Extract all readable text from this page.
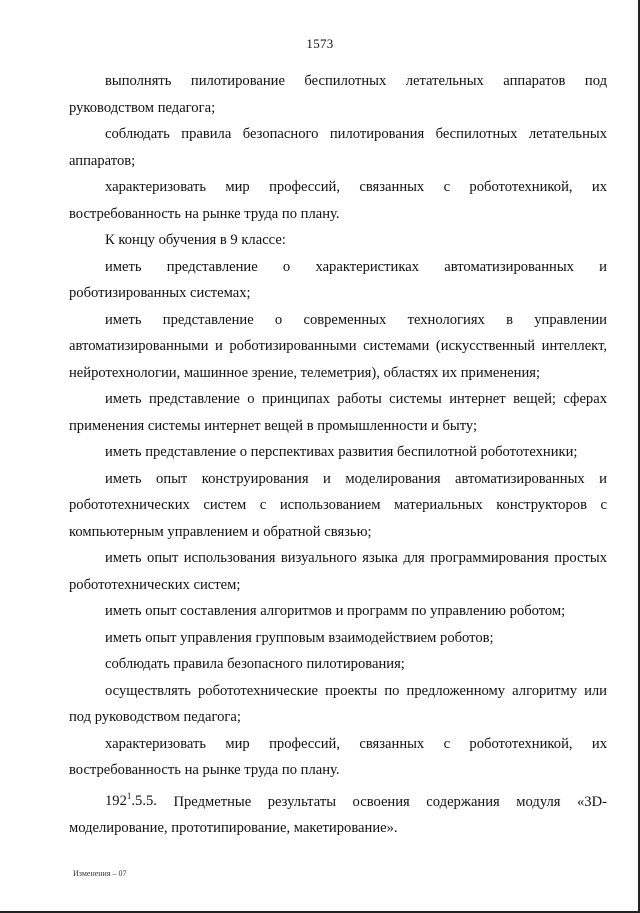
1573

выполнять пилотирование беспилотных летательных аппаратов под руководством педагога;

соблюдать правила безопасного пилотирования беспилотных летательных аппаратов;

характеризовать мир профессий, связанных с робототехникой, их востребованность на рынке труда по плану.

К концу обучения в 9 классе:

иметь представление о характеристиках автоматизированных и роботизированных системах;

иметь представление о современных технологиях в управлении автоматизированными и роботизированными системами (искусственный интеллект, нейротехнологии, машинное зрение, телеметрия), областях их применения;

иметь представление о принципах работы системы интернет вещей; сферах применения системы интернет вещей в промышленности и быту;

иметь представление о перспективах развития беспилотной робототехники;

иметь опыт конструирования и моделирования автоматизированных и робототехнических систем с использованием материальных конструкторов с компьютерным управлением и обратной связью;

иметь опыт использования визуального языка для программирования простых робототехнических систем;

иметь опыт составления алгоритмов и программ по управлению роботом;

иметь опыт управления групповым взаимодействием роботов;

соблюдать правила безопасного пилотирования;

осуществлять робототехнические проекты по предложенному алгоритму или под руководством педагога;

характеризовать мир профессий, связанных с робототехникой, их востребованность на рынке труда по плану.

$192^1.5.5$. Предметные результаты освоения содержания модуля «3D-моделирование, прототипирование, макетирование».

Изменения – 07
